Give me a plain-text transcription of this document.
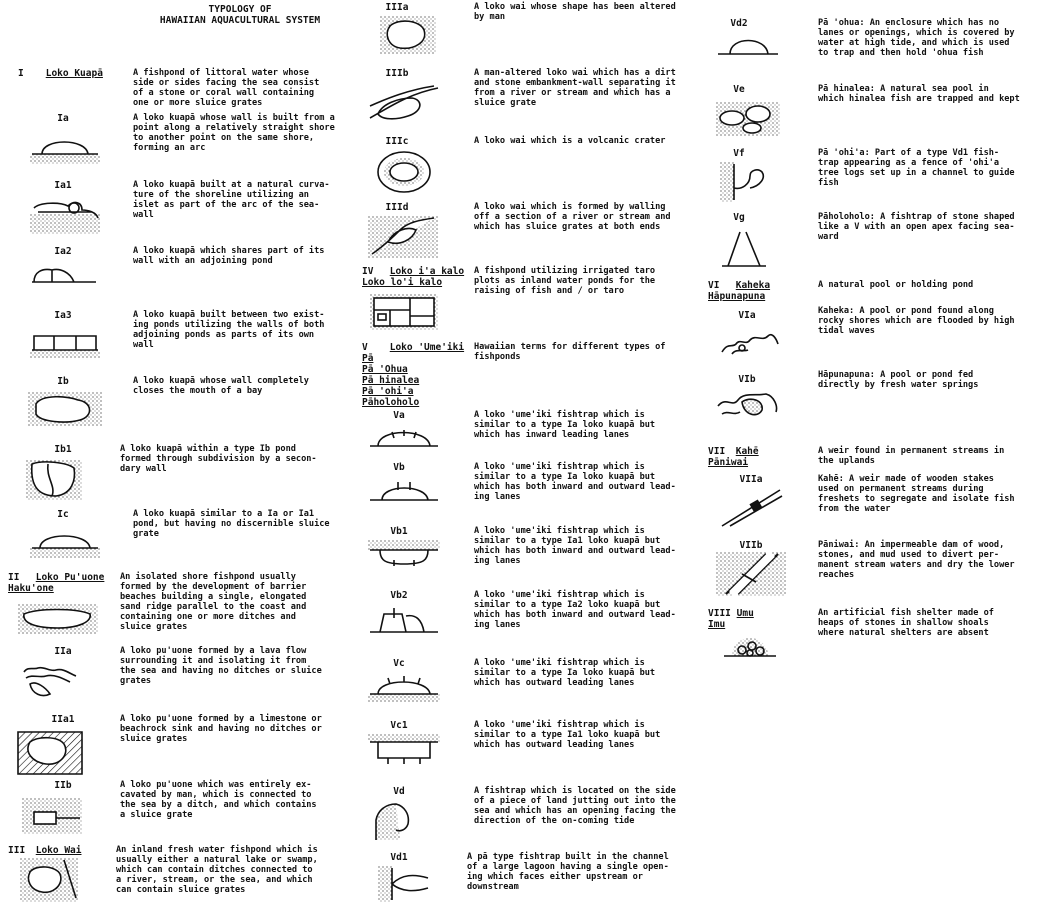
TYPOLOGY OF
HAWAIIAN AQUACULTURAL SYSTEM
I Loko Kuapā	A fishpond of littoral water whose
side or sides facing the sea consist
of a stone or coral wall containing
one or more sluice grates
Ia	A loko kuapā whose wall is built from a
point along a relatively straight shore
to another point on the same shore,
forming an arc
Ia1	A loko kuapā built at a natural curva-
ture of the shoreline utilizing an
islet as part of the arc of the sea-
wall
Ia2	A loko kuapā which shares part of its
wall with an adjoining pond
Ia3	A loko kuapā built between two exist-
ing ponds utilizing the walls of both
adjoining ponds as parts of its own
wall
Ib	A loko kuapā whose wall completely
closes the mouth of a bay
Ib1	A loko kuapā within a type Ib pond
formed through subdivision by a secon-
dary wall
Ic	A loko kuapā similar to a Ia or Ia1
pond, but having no discernible sluice
grate
II Loko Pu'uone
Haku'one
An isolated shore fishpond usually
formed by the development of barrier
beaches building a single, elongated
sand ridge parallel to the coast and
containing one or more ditches and
sluice grates
IIa	A loko pu'uone formed by a lava flow
surrounding it and isolating it from
the sea and having no ditches or sluice
grates
IIa1	A loko pu'uone formed by a limestone or
beachrock sink and having no ditches or
sluice grates
IIb	A loko pu'uone which was entirely ex-
cavated by man, which is connected to
the sea by a ditch, and which contains
a sluice grate
III Loko Wai	An inland fresh water fishpond which is
usually either a natural lake or swamp,
which can contain ditches connected to
a river, stream, or the sea, and which
can contain sluice grates
IIIa	A loko wai whose shape has been altered
by man
IIIb	A man-altered loko wai which has a dirt
and stone embankment-wall separating it
from a river or stream and which has a
sluice grate
IIIc	A loko wai which is a volcanic crater
IIId	A loko wai which is formed by walling
off a section of a river or stream and
which has sluice grates at both ends
IV Loko i'a kalo
Loko lo'i kalo
A fishpond utilizing irrigated taro
plots as inland water ponds for the
raising of fish and / or taro
V Loko 'Ume'iki
Pā
Pā 'Ohua
Pā hinalea
Pā 'ohi'a
Pāholoholo
Hawaiian terms for different types of
fishponds
Va	A loko 'ume'iki fishtrap which is
similar to a type Ia loko kuapā but
which has inward leading lanes
Vb	A loko 'ume'iki fishtrap which is
similar to a type Ia loko kuapā but
which has both inward and outward lead-
ing lanes
Vb1	A loko 'ume'iki fishtrap which is
similar to a type Ia1 loko kuapā but
which has both inward and outward lead-
ing lanes
Vb2	A loko 'ume'iki fishtrap which is
similar to a type Ia2 loko kuapā but
which has both inward and outward lead-
ing lanes
Vc	A loko 'ume'iki fishtrap which is
similar to a type Ia loko kuapā but
which has outward leading lanes
Vc1	A loko 'ume'iki fishtrap which is
similar to a type Ia1 loko kuapā but
which has outward leading lanes
Vd	A fishtrap which is located on the side
of a piece of land jutting out into the
sea and which has an opening facing the
direction of the on-coming tide
Vd1	A pā type fishtrap built in the channel
of a large lagoon having a single open-
ing which faces either upstream or
downstream
Vd2	Pā 'ohua: An enclosure which has no
lanes or openings, which is covered by
water at high tide, and which is used
to trap and then hold 'ohua fish
Ve	Pā hinalea: A natural sea pool in
which hinalea fish are trapped and kept
Vf	Pā 'ohi'a: Part of a type Vd1 fish-
trap appearing as a fence of 'ohi'a
tree logs set up in a channel to guide
fish
Vg	Pāholoholo: A fishtrap of stone shaped
like a V with an open apex facing sea-
ward
VI Kaheka
Hāpunapuna
A natural pool or holding pond
VIa	Kaheka: A pool or pond found along
rocky shores which are flooded by high
tidal waves
VIb	Hāpunapuna: A pool or pond fed
directly by fresh water springs
VII Kahē
Pāniwai
A weir found in permanent streams in
the uplands
VIIa	Kahē: A weir made of wooden stakes
used on permanent streams during
freshets to segregate and isolate fish
from the water
VIIb	Pāniwai: An impermeable dam of wood,
stones, and mud used to divert per-
manent stream waters and dry the lower
reaches
VIII Umu
Imu
An artificial fish shelter made of
heaps of stones in shallow shoals
where natural shelters are absent
